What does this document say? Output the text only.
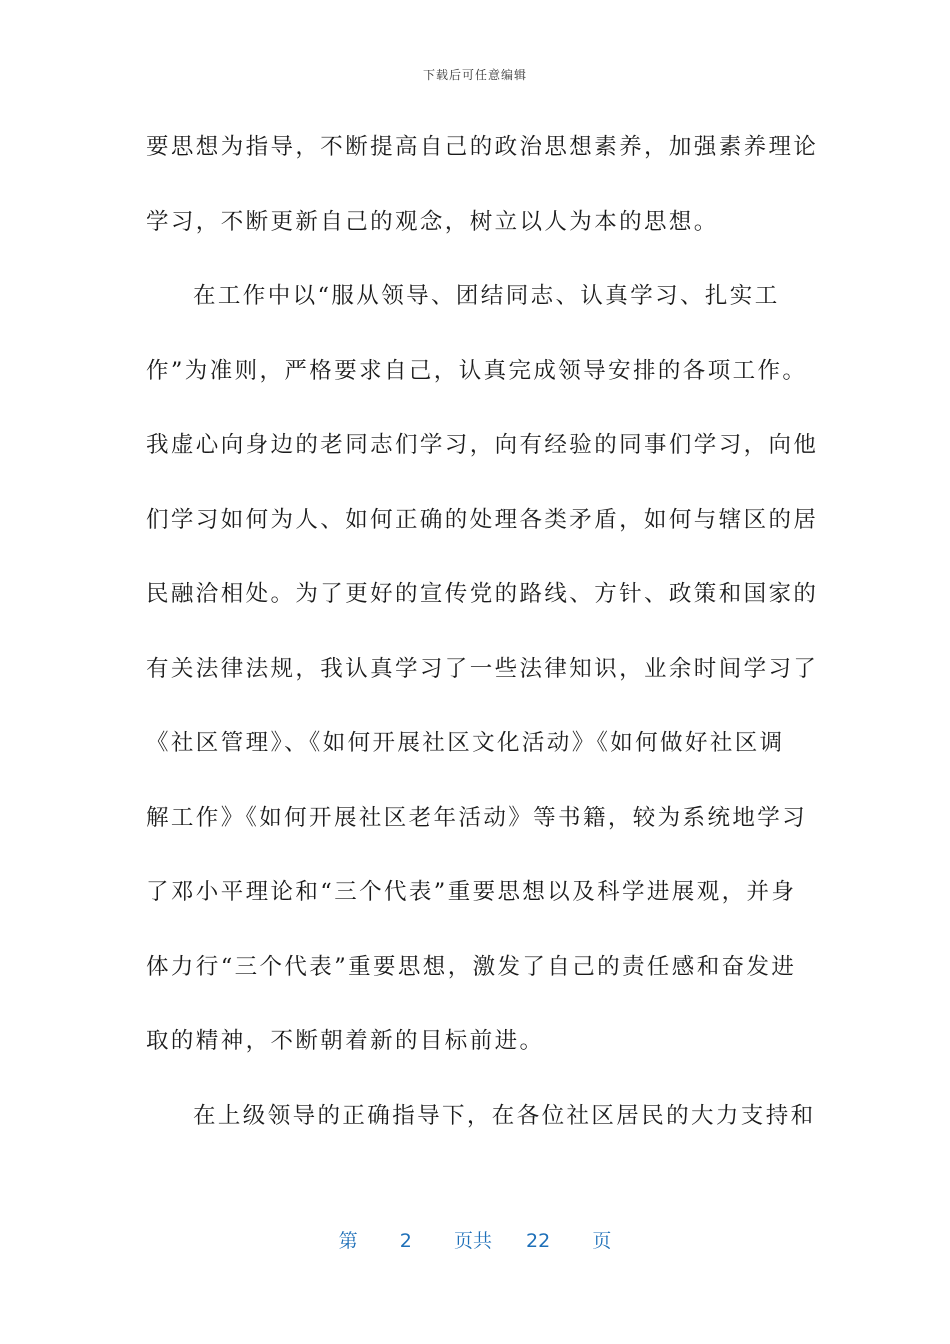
下载后可任意编辑
要思想为指导，不断提高自己的政治思想素养，加强素养理论
学习，不断更新自己的观念，树立以人为本的思想。
在工作中以“服从领导、团结同志、认真学习、扎实工
作”为准则，严格要求自己，认真完成领导安排的各项工作。
我虚心向身边的老同志们学习，向有经验的同事们学习，向他
们学习如何为人、如何正确的处理各类矛盾，如何与辖区的居
民融洽相处。为了更好的宣传党的路线、方针、政策和国家的
有关法律法规，我认真学习了一些法律知识，业余时间学习了
《社区管理》、《如何开展社区文化活动》《如何做好社区调
解工作》《如何开展社区老年活动》等书籍，较为系统地学习
了邓小平理论和“三个代表”重要思想以及科学进展观，并身
体力行“三个代表”重要思想，激发了自己的责任感和奋发进
取的精神，不断朝着新的目标前进。
在上级领导的正确指导下，在各位社区居民的大力支持和
第 2 页共 22 页
